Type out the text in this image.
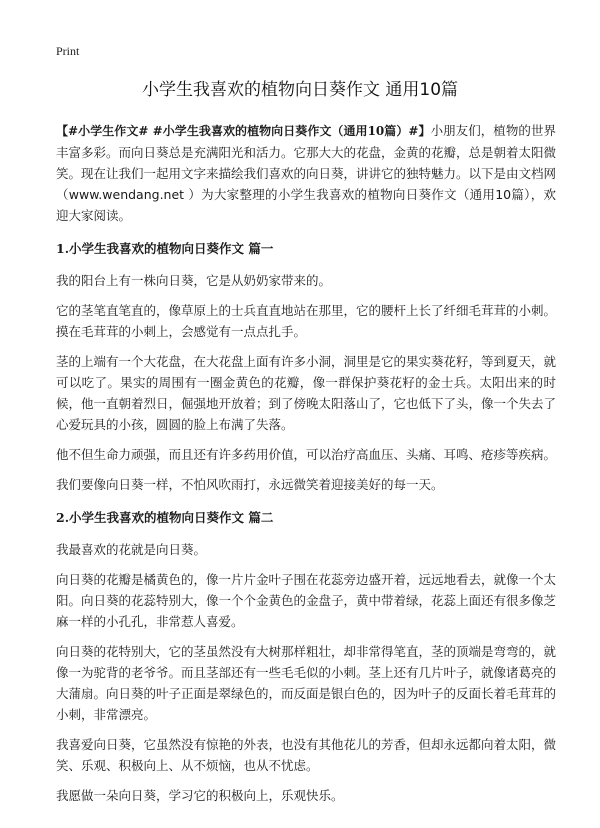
Print
小学生我喜欢的植物向日葵作文 通用10篇

【#小学生作文# #小学生我喜欢的植物向日葵作文（通用10篇）#】小朋友们，植物的世界丰富多彩。而向日葵总是充满阳光和活力。它那大大的花盘，金黄的花瓣，总是朝着太阳微笑。现在让我们一起用文字来描绘我们喜欢的向日葵，讲讲它的独特魅力。以下是由文档网（www.wendang.net ）为大家整理的小学生我喜欢的植物向日葵作文（通用10篇），欢迎大家阅读。

1.小学生我喜欢的植物向日葵作文 篇一

我的阳台上有一株向日葵，它是从奶奶家带来的。

它的茎笔直笔直的，像草原上的士兵直直地站在那里，它的腰杆上长了纤细毛茸茸的小刺。摸在毛茸茸的小刺上，会感觉有一点点扎手。

茎的上端有一个大花盘，在大花盘上面有许多小洞，洞里是它的果实葵花籽，等到夏天，就可以吃了。果实的周围有一圈金黄色的花瓣，像一群保护葵花籽的金士兵。太阳出来的时候，他一直朝着烈日，倔强地开放着；到了傍晚太阳落山了，它也低下了头，像一个失去了心爱玩具的小孩，圆圆的脸上布满了失落。

他不但生命力顽强，而且还有许多药用价值，可以治疗高血压、头痛、耳鸣、疮疹等疾病。

我们要像向日葵一样，不怕风吹雨打，永远微笑着迎接美好的每一天。

2.小学生我喜欢的植物向日葵作文 篇二

我最喜欢的花就是向日葵。

向日葵的花瓣是橘黄色的，像一片片金叶子围在花蕊旁边盛开着，远远地看去，就像一个太阳。向日葵的花蕊特别大，像一个个金黄色的金盘子，黄中带着绿，花蕊上面还有很多像芝麻一样的小孔孔，非常惹人喜爱。

向日葵的花特别大，它的茎虽然没有大树那样粗壮，却非常得笔直，茎的顶端是弯弯的，就像一为驼背的老爷爷。而且茎部还有一些毛毛似的小刺。茎上还有几片叶子，就像诸葛亮的大蒲扇。向日葵的叶子正面是翠绿色的，而反面是银白色的，因为叶子的反面长着毛茸茸的小刺，非常漂亮。

我喜爱向日葵，它虽然没有惊艳的外表，也没有其他花儿的芳香，但却永远都向着太阳，微笑、乐观、积极向上、从不烦恼，也从不忧虑。

我愿做一朵向日葵，学习它的积极向上，乐观快乐。
